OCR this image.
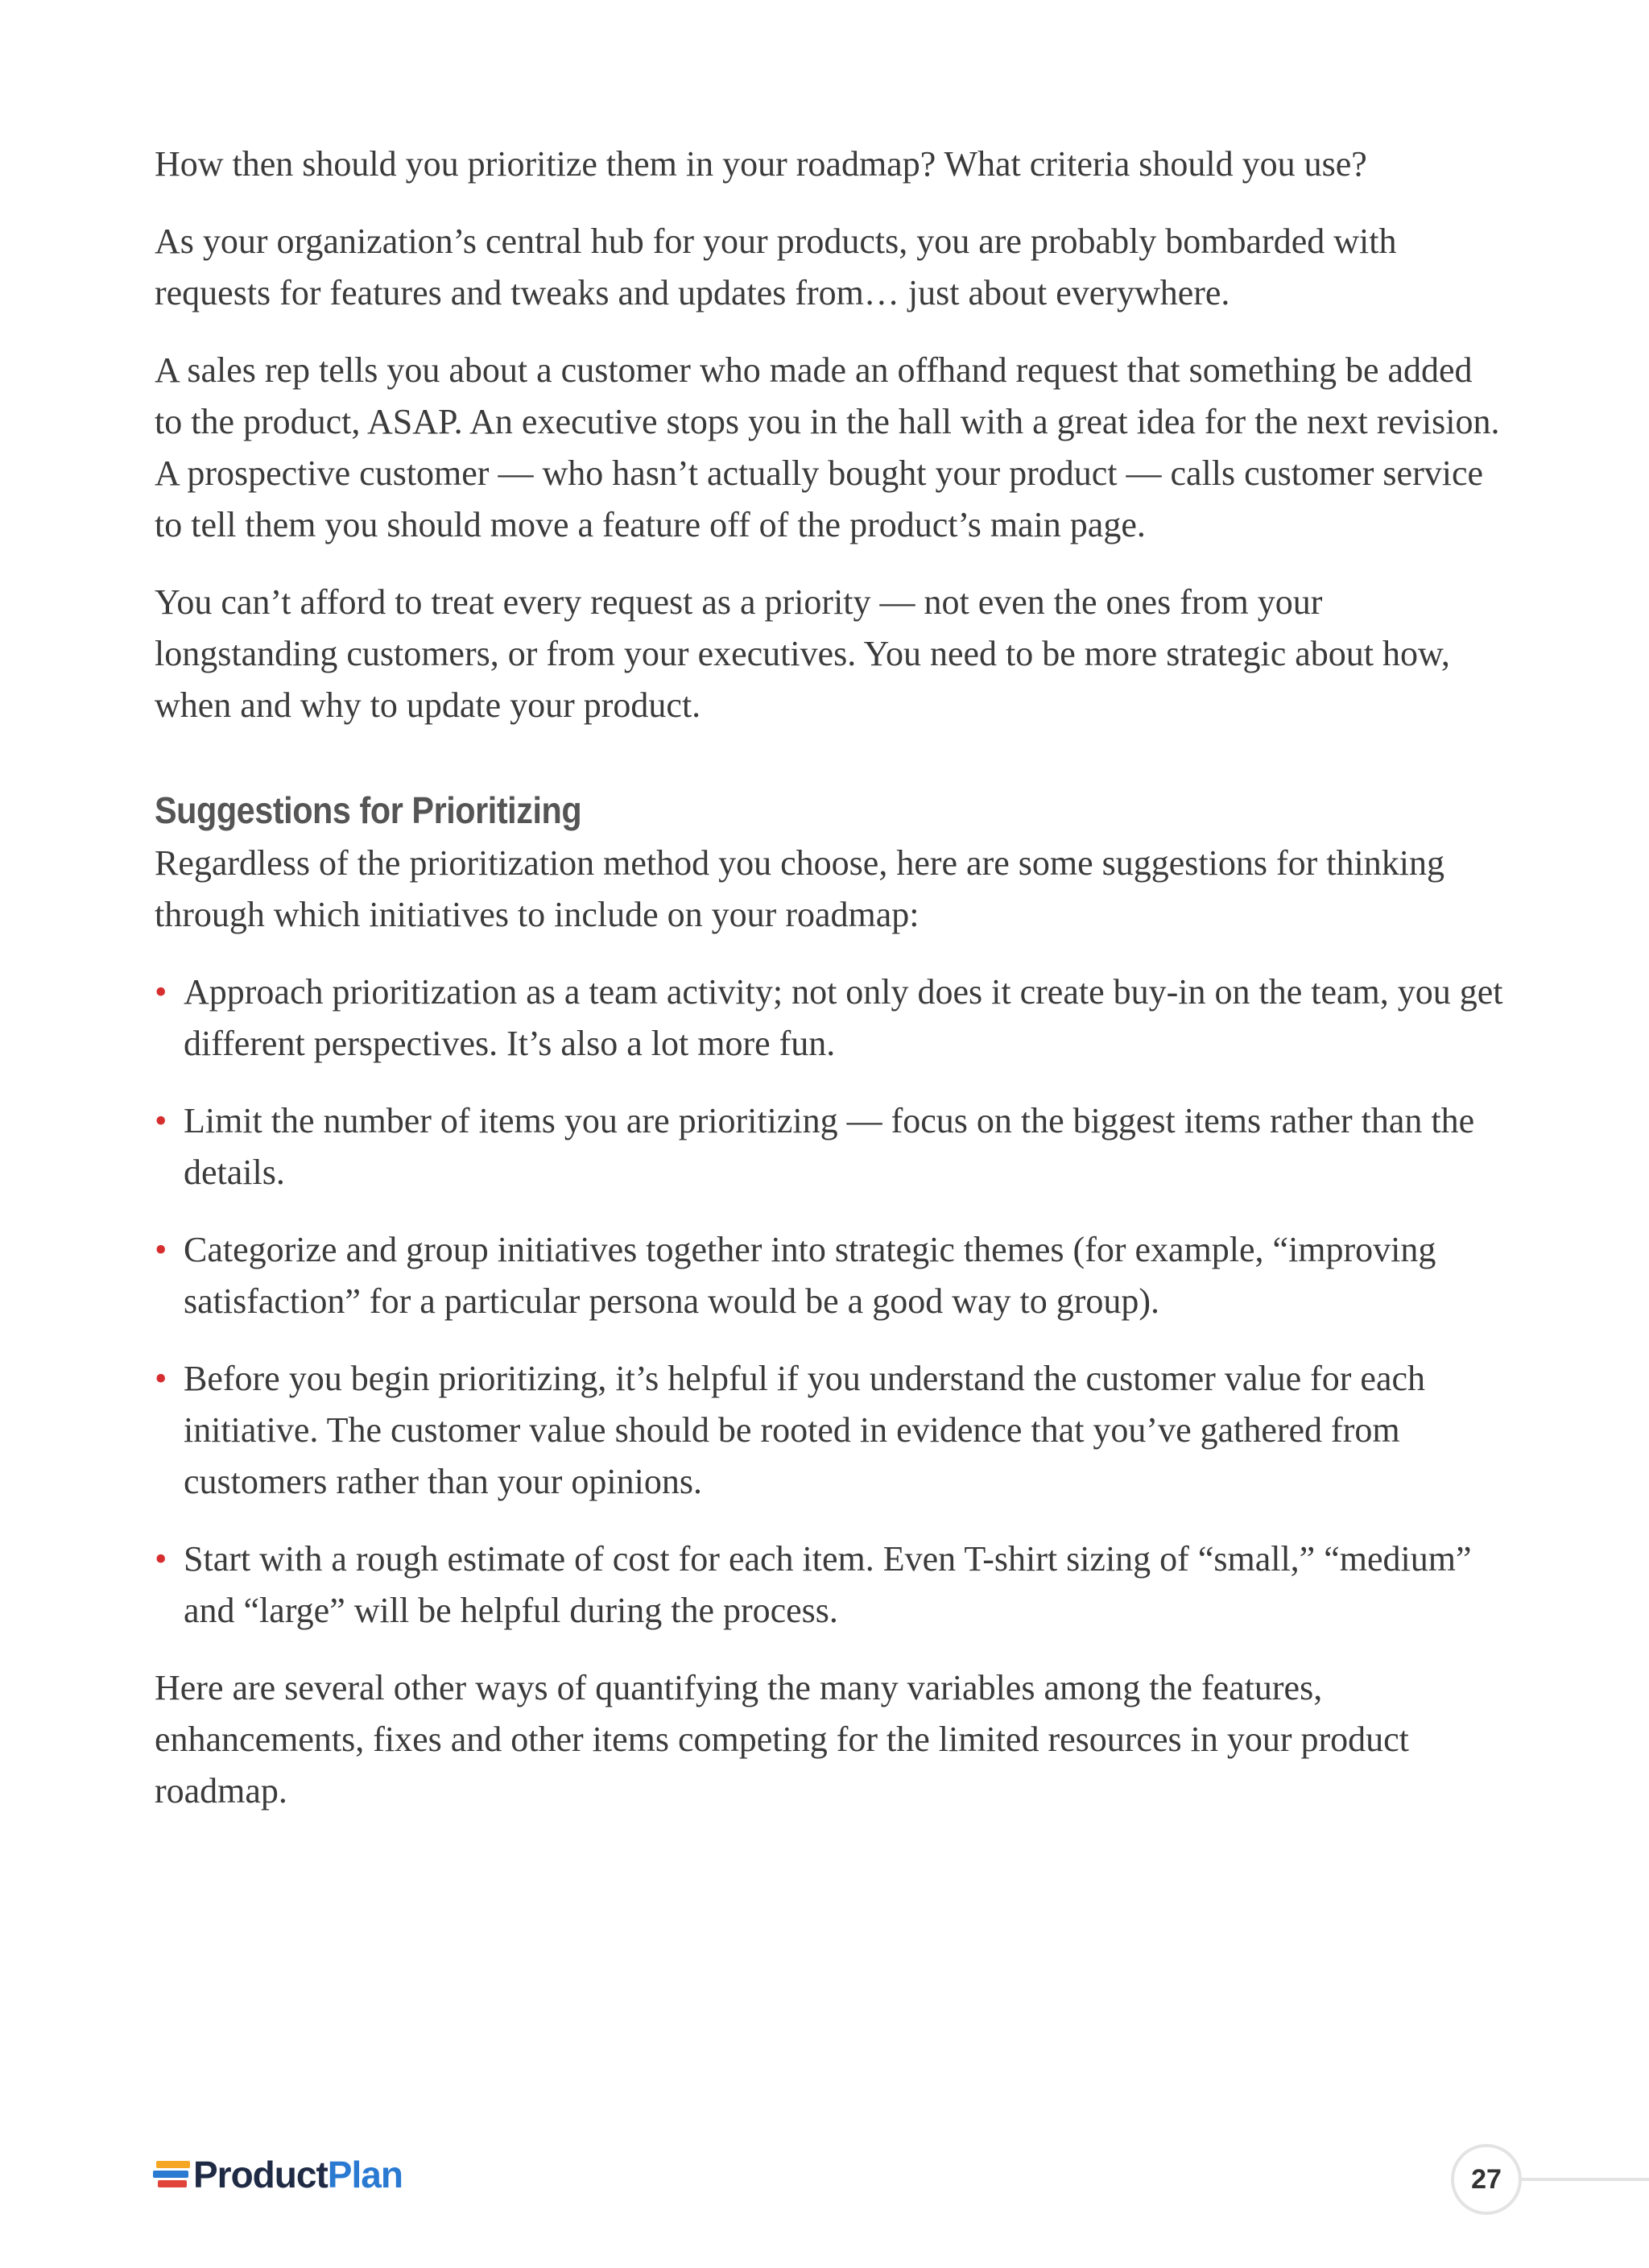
How then should you prioritize them in your roadmap? What criteria should you use?

As your organization’s central hub for your products, you are probably bombarded with requests for features and tweaks and updates from… just about everywhere.

A sales rep tells you about a customer who made an offhand request that something be added to the product, ASAP. An executive stops you in the hall with a great idea for the next revision. A prospective customer — who hasn’t actually bought your product — calls customer service to tell them you should move a feature off of the product’s main page.

You can’t afford to treat every request as a priority — not even the ones from your longstanding customers, or from your executives. You need to be more strategic about how, when and why to update your product.

Suggestions for Prioritizing

Regardless of the prioritization method you choose, here are some suggestions for thinking through which initiatives to include on your roadmap:

• Approach prioritization as a team activity; not only does it create buy-in on the team, you get different perspectives. It’s also a lot more fun.
• Limit the number of items you are prioritizing — focus on the biggest items rather than the details.
• Categorize and group initiatives together into strategic themes (for example, “improving satisfaction” for a particular persona would be a good way to group).
• Before you begin prioritizing, it’s helpful if you understand the customer value for each initiative. The customer value should be rooted in evidence that you’ve gathered from customers rather than your opinions.
• Start with a rough estimate of cost for each item. Even T-shirt sizing of “small,” “medium” and “large” will be helpful during the process.

Here are several other ways of quantifying the many variables among the features, enhancements, fixes and other items competing for the limited resources in your product roadmap.

ProductPlan	27
